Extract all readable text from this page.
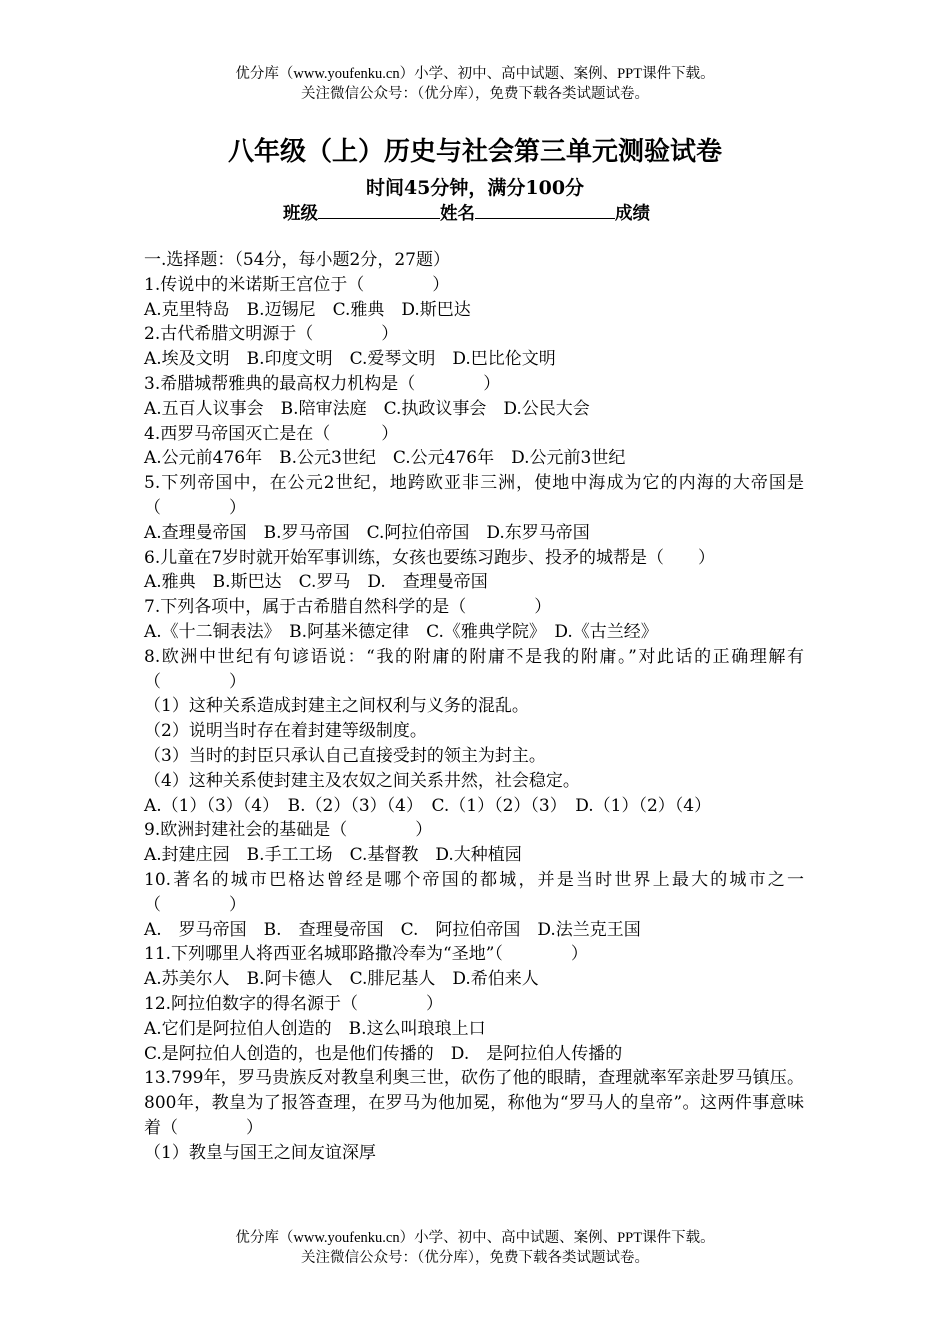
优分库（www.youfenku.cn）小学、初中、高中试题、案例、PPT课件下载。
关注微信公众号：（优分库），免费下载各类试题试卷。
八年级（上）历史与社会第三单元测验试卷
时间45分钟，满分100分
班级	姓名	成绩

一.选择题：（54分，每小题2分，27题）

1.传说中的米诺斯王宫位于（　　　　）

A.克里特岛　B.迈锡尼　C.雅典　D.斯巴达

2.古代希腊文明源于（　　　　）

A.埃及文明　B.印度文明　C.爱琴文明　D.巴比伦文明

3.希腊城帮雅典的最高权力机构是（　　　　）

A.五百人议事会　B.陪审法庭　C.执政议事会　D.公民大会

4.西罗马帝国灭亡是在（　　　）

A.公元前476年　B.公元3世纪　C.公元476年　D.公元前3世纪

5.下列帝国中，在公元2世纪，地跨欧亚非三洲，使地中海成为它的内海的大帝国是（　　　　）

A.查理曼帝国　B.罗马帝国　C.阿拉伯帝国　D.东罗马帝国

6.儿童在7岁时就开始军事训练，女孩也要练习跑步、投矛的城帮是（　　）

A.雅典　B.斯巴达　C.罗马　D.　查理曼帝国

7.下列各项中，属于古希腊自然科学的是（　　　　）

A.《十二铜表法》　B.阿基米德定律　C.《雅典学院》　D.《古兰经》

8.欧洲中世纪有句谚语说：“我的附庸的附庸不是我的附庸。”对此话的正确理解有（　　　　）

（1）这种关系造成封建主之间权利与义务的混乱。

（2）说明当时存在着封建等级制度。

（3）当时的封臣只承认自己直接受封的领主为封主。

（4）这种关系使封建主及农奴之间关系井然，社会稳定。

A.（1）（3）（4）　B.（2）（3）（4）　C.（1）（2）（3）　D.（1）（2）（4）

9.欧洲封建社会的基础是（　　　　）

A.封建庄园　B.手工工场　C.基督教　D.大种植园

10.著名的城市巴格达曾经是哪个帝国的都城，并是当时世界上最大的城市之一（　　　　）

A.　罗马帝国　B.　查理曼帝国　C.　阿拉伯帝国　D.法兰克王国

11.下列哪里人将西亚名城耶路撒冷奉为“圣地”（　　　　）

A.苏美尔人　B.阿卡德人　C.腓尼基人　D.希伯来人

12.阿拉伯数字的得名源于（　　　　）

A.它们是阿拉伯人创造的　B.这么叫琅琅上口

C.是阿拉伯人创造的，也是他们传播的　D.　是阿拉伯人传播的

13.799年，罗马贵族反对教皇利奥三世，砍伤了他的眼睛，查理就率军亲赴罗马镇压。800年，教皇为了报答查理，在罗马为他加冕，称他为“罗马人的皇帝”。这两件事意味着（　　　　）

（1）教皇与国王之间友谊深厚

优分库（www.youfenku.cn）小学、初中、高中试题、案例、PPT课件下载。
关注微信公众号：（优分库），免费下载各类试题试卷。
